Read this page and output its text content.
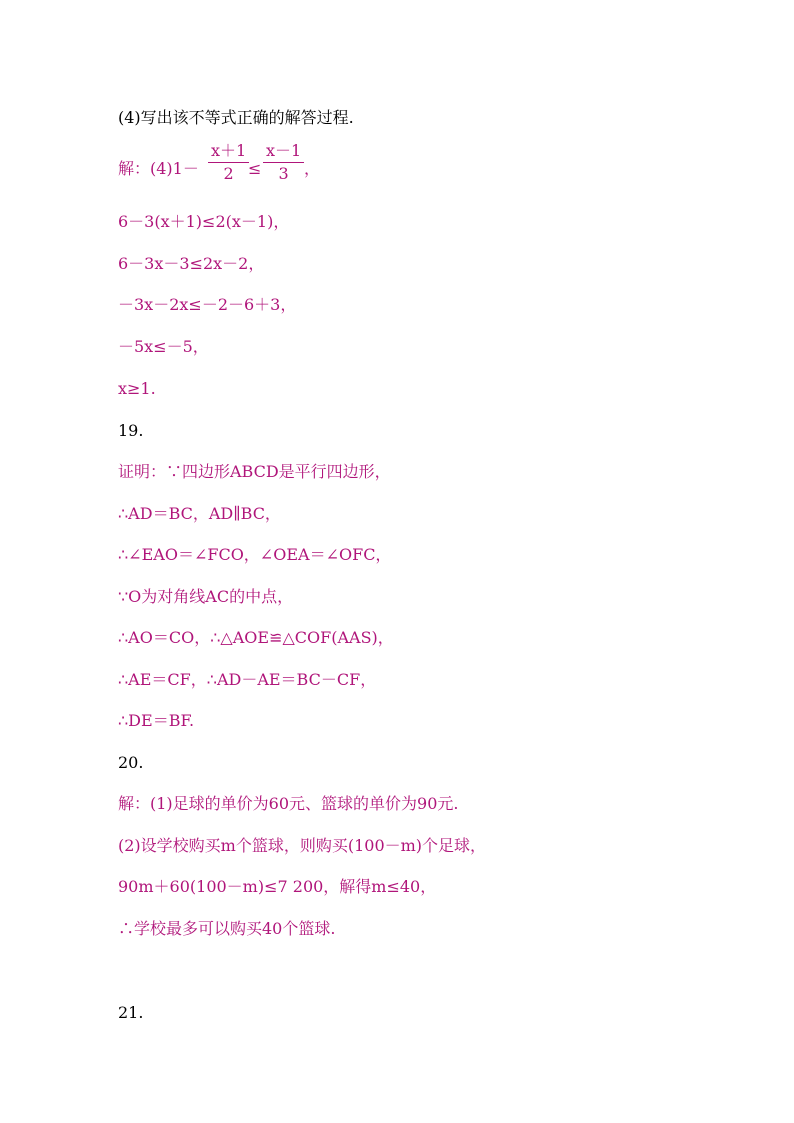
(4)写出该不等式正确的解答过程.
解：$(4)1- \frac{x+1}{2}$
≤ $\frac{x-1}{3}$ ，
6－3(x＋1)≤2(x－1)，
6－3x－3≤2x－2，
－3x－2x≤－2－6＋3，
－5x≤－5，
x≥1.
19.
证明：∵四边形ABCD是平行四边形，
∴AD＝BC，AD∥BC，
∴∠EAO＝∠FCO，∠OEA＝∠OFC，
∵O为对角线AC的中点，
∴AO＝CO，∴△AOE≌△COF(AAS)，
∴AE＝CF，∴AD－AE＝BC－CF，
∴DE＝BF.
20.
解：(1)足球的单价为60元、篮球的单价为90元.
(2)设学校购买m个篮球，则购买(100－m)个足球，
90m＋60(100－m)≤7 200，解得m≤40，
∴学校最多可以购买40个篮球.
21.
